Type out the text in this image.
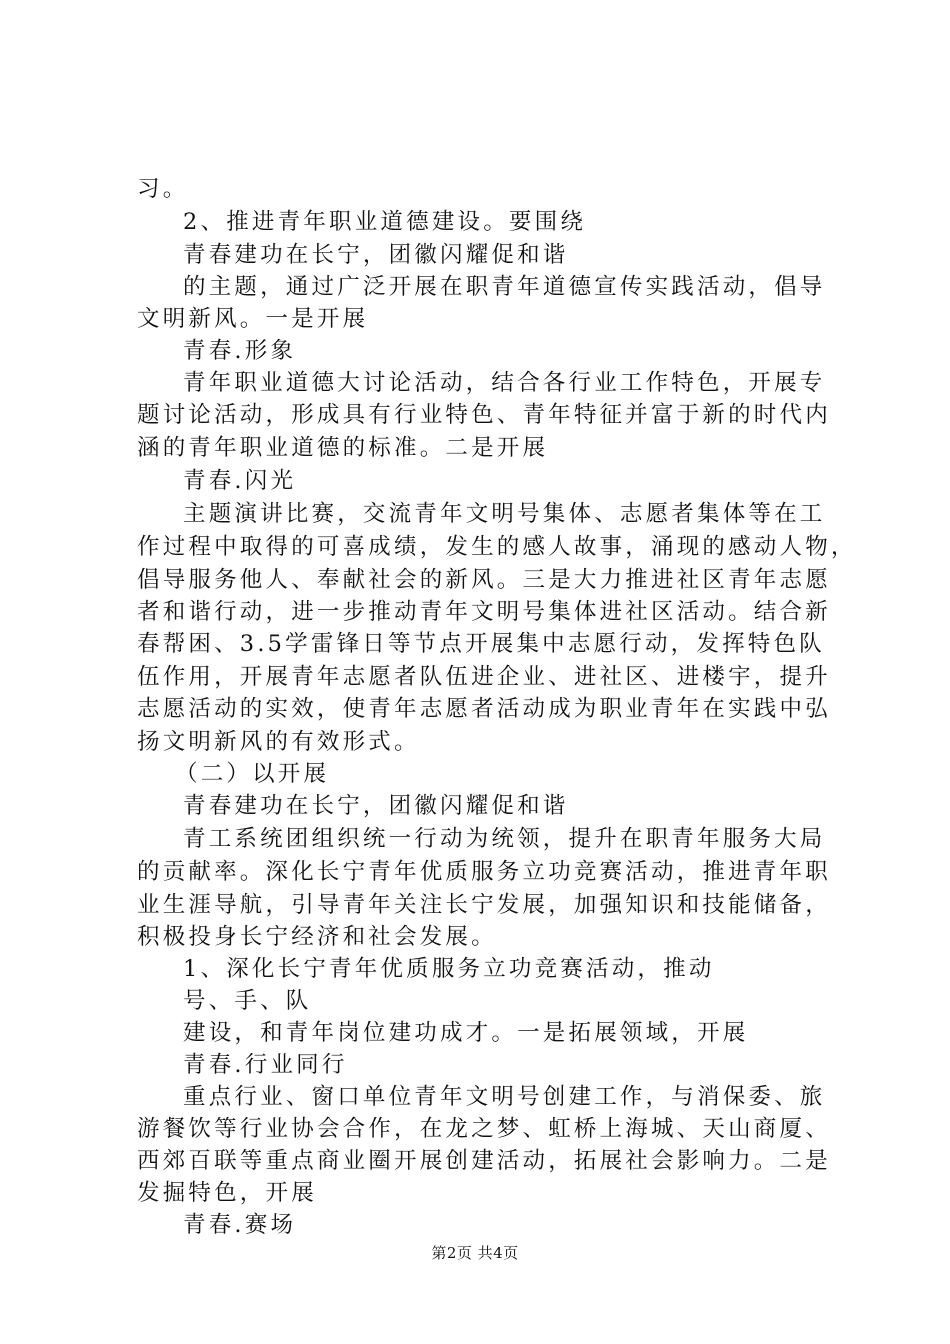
习。
2、推进青年职业道德建设。要围绕
青春建功在长宁，团徽闪耀促和谐
的主题，通过广泛开展在职青年道德宣传实践活动，倡导
文明新风。一是开展
青春.形象
青年职业道德大讨论活动，结合各行业工作特色，开展专
题讨论活动，形成具有行业特色、青年特征并富于新的时代内
涵的青年职业道德的标准。二是开展
青春.闪光
主题演讲比赛，交流青年文明号集体、志愿者集体等在工
作过程中取得的可喜成绩，发生的感人故事，涌现的感动人物，
倡导服务他人、奉献社会的新风。三是大力推进社区青年志愿
者和谐行动，进一步推动青年文明号集体进社区活动。结合新
春帮困、3.5学雷锋日等节点开展集中志愿行动，发挥特色队
伍作用，开展青年志愿者队伍进企业、进社区、进楼宇，提升
志愿活动的实效，使青年志愿者活动成为职业青年在实践中弘
扬文明新风的有效形式。
（二）以开展
青春建功在长宁，团徽闪耀促和谐
青工系统团组织统一行动为统领，提升在职青年服务大局
的贡献率。深化长宁青年优质服务立功竞赛活动，推进青年职
业生涯导航，引导青年关注长宁发展，加强知识和技能储备，
积极投身长宁经济和社会发展。
1、深化长宁青年优质服务立功竞赛活动，推动
号、手、队
建设，和青年岗位建功成才。一是拓展领域，开展
青春.行业同行
重点行业、窗口单位青年文明号创建工作，与消保委、旅
游餐饮等行业协会合作，在龙之梦、虹桥上海城、天山商厦、
西郊百联等重点商业圈开展创建活动，拓展社会影响力。二是
发掘特色，开展
青春.赛场
第2页 共4页
